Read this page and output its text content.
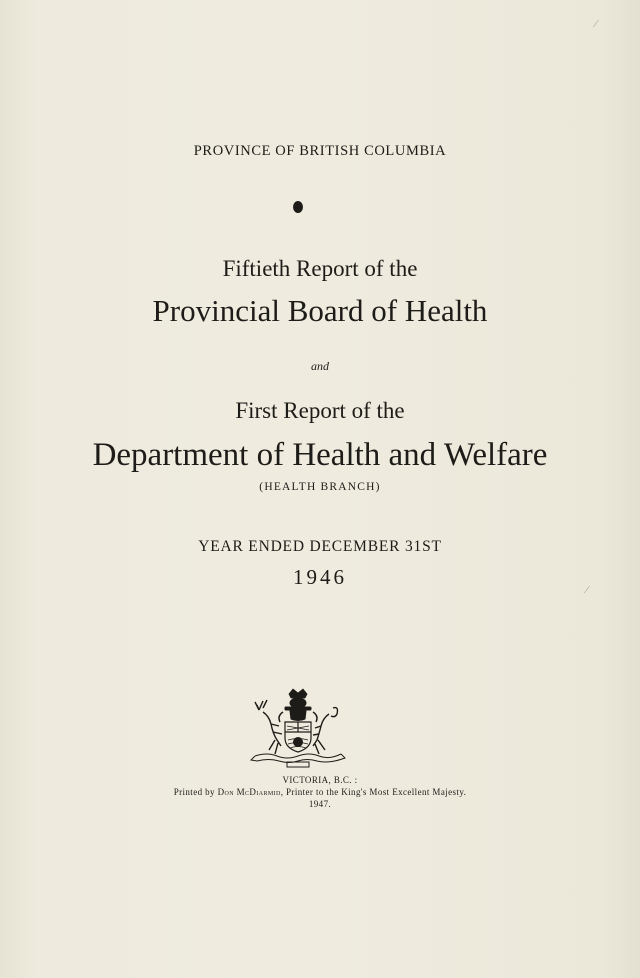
PROVINCE OF BRITISH COLUMBIA
Fiftieth Report of the
Provincial Board of Health
and
First Report of the
Department of Health and Welfare
(HEALTH BRANCH)
YEAR ENDED DECEMBER 31ST
1946
VICTORIA, B.C. :
Printed by Don McDiarmid, Printer to the King's Most Excellent Majesty.
1947.
⁄
⁄
